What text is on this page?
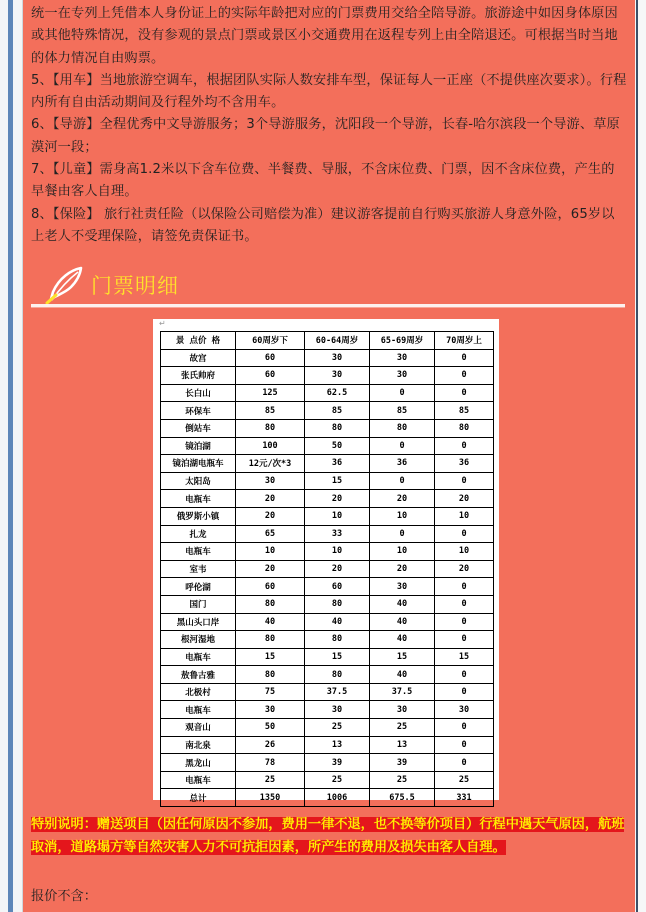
统一在专列上凭借本人身份证上的实际年龄把对应的门票费用交给全陪导游。旅游途中如因身体原因或其他特殊情况，没有参观的景点门票或景区小交通费用在返程专列上由全陪退还。可根据当时当地的体力情况自由购票。

5、【用车】当地旅游空调车，根据团队实际人数安排车型，保证每人一正座（不提供座次要求）。行程内所有自由活动期间及行程外均不含用车。

6、【导游】全程优秀中文导游服务；3个导游服务，沈阳段一个导游，长春-哈尔滨段一个导游、草原漠河一段；

7、【儿童】需身高1.2米以下含车位费、半餐费、导服，不含床位费、门票，因不含床位费，产生的早餐由客人自理。

8、【保险】 旅行社责任险（以保险公司赔偿为准）建议游客提前自行购买旅游人身意外险，65岁以上老人不受理保险，请签免责保证书。

门票明细
↵
景 点价 格	60周岁下	60-64周岁	65-69周岁	70周岁上
故宫	60	30	30	0
张氏帅府	60	30	30	0
长白山	125	62.5	0	0
环保车	85	85	85	85
倒站车	80	80	80	80
镜泊湖	100	50	0	0
镜泊湖电瓶车	12元/次*3	36	36	36
太阳岛	30	15	0	0
电瓶车	20	20	20	20
俄罗斯小镇	20	10	10	10
扎龙	65	33	0	0
电瓶车	10	10	10	10
室韦	20	20	20	20
呼伦湖	60	60	30	0
国门	80	80	40	0
黑山头口岸	40	40	40	0
根河湿地	80	80	40	0
电瓶车	15	15	15	15
敖鲁古雅	80	80	40	0
北极村	75	37.5	37.5	0
电瓶车	30	30	30	30
观音山	50	25	25	0
南北泉	26	13	13	0
黑龙山	78	39	39	0
电瓶车	25	25	25	25
总计	1350	1006	675.5	331
特别说明：赠送项目（因任何原因不参加，费用一律不退，也不换等价项目）行程中遇天气原因，航班取消，道路塌方等自然灾害人力不可抗拒因素，所产生的费用及损失由客人自理。
报价不含：
